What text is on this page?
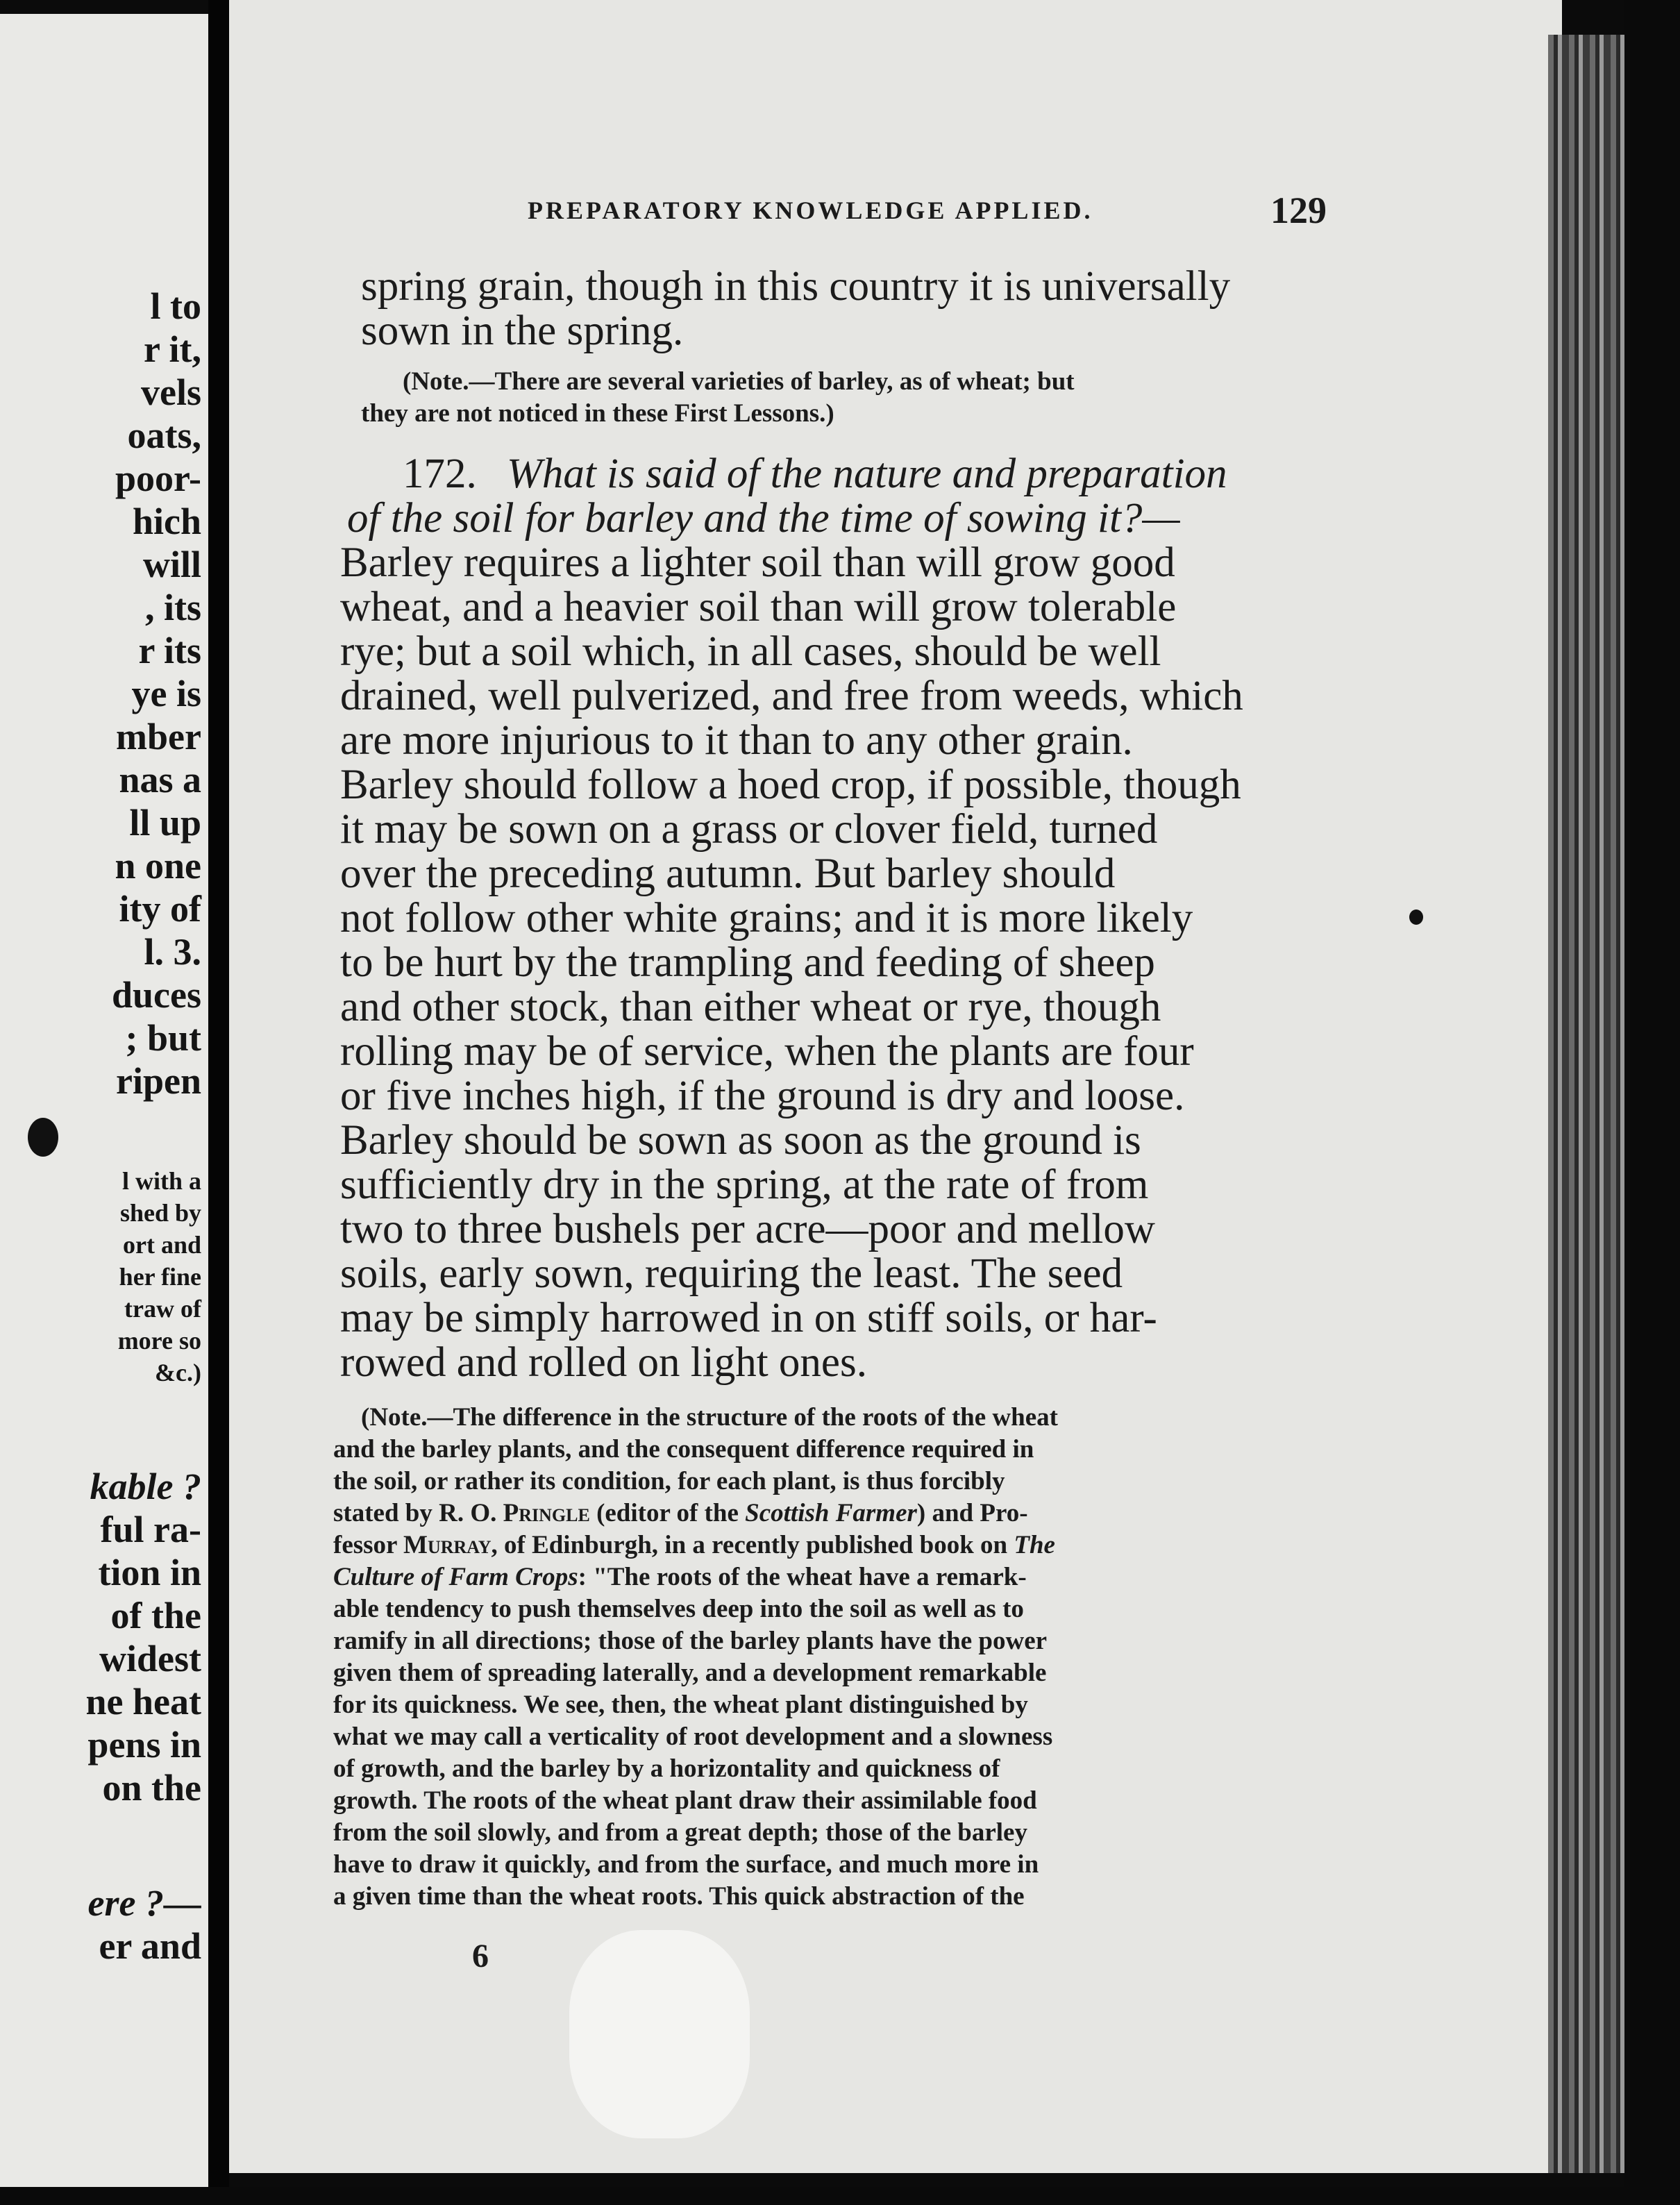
l to
r it,
vels
oats,
poor-
hich
will
, its
r its
ye is
mber
nas a
ll up
n one
ity of
l. 3.
duces
; but
ripen
l with a
shed by
ort and
her fine
traw of
more so
&c.)
kable ?
ful ra-
tion in
of the
widest
ne heat
pens in
on the
ere ?—
er and
PREPARATORY KNOWLEDGE APPLIED.	129
spring grain, though in this country it is universally
sown in the spring.
(Note.—There are several varieties of barley, as of wheat; but
they are not noticed in these First Lessons.)
172. What is said of the nature and preparation
of the soil for barley and the time of sowing it?—
Barley requires a lighter soil than will grow good
wheat, and a heavier soil than will grow tolerable
rye; but a soil which, in all cases, should be well
drained, well pulverized, and free from weeds, which
are more injurious to it than to any other grain.
Barley should follow a hoed crop, if possible, though
it may be sown on a grass or clover field, turned
over the preceding autumn. But barley should
not follow other white grains; and it is more likely
to be hurt by the trampling and feeding of sheep
and other stock, than either wheat or rye, though
rolling may be of service, when the plants are four
or five inches high, if the ground is dry and loose.
Barley should be sown as soon as the ground is
sufficiently dry in the spring, at the rate of from
two to three bushels per acre—poor and mellow
soils, early sown, requiring the least. The seed
may be simply harrowed in on stiff soils, or har-
rowed and rolled on light ones.
(Note.—The difference in the structure of the roots of the wheat
and the barley plants, and the consequent difference required in
the soil, or rather its condition, for each plant, is thus forcibly
stated by R. O. Pringle (editor of the Scottish Farmer) and Pro-
fessor Murray, of Edinburgh, in a recently published book on The
Culture of Farm Crops: "The roots of the wheat have a remark-
able tendency to push themselves deep into the soil as well as to
ramify in all directions; those of the barley plants have the power
given them of spreading laterally, and a development remarkable
for its quickness. We see, then, the wheat plant distinguished by
what we may call a verticality of root development and a slowness
of growth, and the barley by a horizontality and quickness of
growth. The roots of the wheat plant draw their assimilable food
from the soil slowly, and from a great depth; those of the barley
have to draw it quickly, and from the surface, and much more in
a given time than the wheat roots. This quick abstraction of the
6
